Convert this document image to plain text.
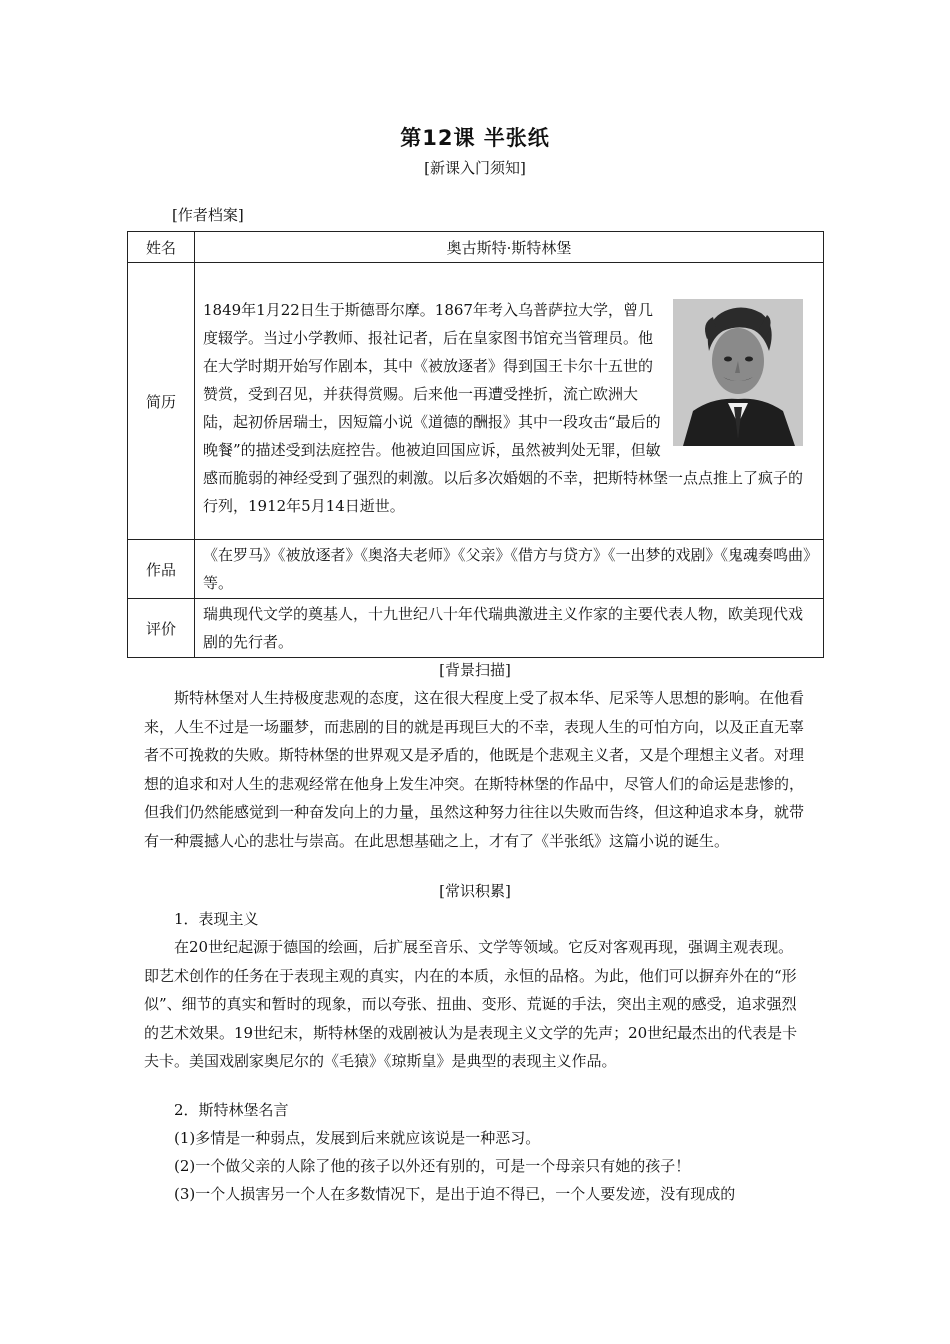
第12课 半张纸
[新课入门须知]
[作者档案]
姓名	奥古斯特·斯特林堡
简历	1849年1月22日生于斯德哥尔摩。1867年考入乌普萨拉大学，曾几度辍学。当过小学教师、报社记者，后在皇家图书馆充当管理员。他在大学时期开始写作剧本，其中《被放逐者》得到国王卡尔十五世的赞赏，受到召见，并获得赏赐。后来他一再遭受挫折，流亡欧洲大陆，起初侨居瑞士，因短篇小说《道德的酬报》其中一段攻击“最后的晚餐”的描述受到法庭控告。他被迫回国应诉，虽然被判处无罪，但敏感而脆弱的神经受到了强烈的刺激。以后多次婚姻的不幸，把斯特林堡一点点推上了疯子的行列，1912年5月14日逝世。

作品	《在罗马》《被放逐者》《奥洛夫老师》《父亲》《借方与贷方》《一出梦的戏剧》《鬼魂奏鸣曲》等。
评价	瑞典现代文学的奠基人，十九世纪八十年代瑞典激进主义作家的主要代表人物，欧美现代戏剧的先行者。
[背景扫描]
斯特林堡对人生持极度悲观的态度，这在很大程度上受了叔本华、尼采等人思想的影响。在他看来，人生不过是一场噩梦，而悲剧的目的就是再现巨大的不幸，表现人生的可怕方向，以及正直无辜者不可挽救的失败。斯特林堡的世界观又是矛盾的，他既是个悲观主义者，又是个理想主义者。对理想的追求和对人生的悲观经常在他身上发生冲突。在斯特林堡的作品中，尽管人们的命运是悲惨的，但我们仍然能感觉到一种奋发向上的力量，虽然这种努力往往以失败而告终，但这种追求本身，就带有一种震撼人心的悲壮与崇高。在此思想基础之上，才有了《半张纸》这篇小说的诞生。
[常识积累]
1．表现主义
在20世纪起源于德国的绘画，后扩展至音乐、文学等领域。它反对客观再现，强调主观表现。即艺术创作的任务在于表现主观的真实，内在的本质，永恒的品格。为此，他们可以摒弃外在的“形似”、细节的真实和暂时的现象，而以夸张、扭曲、变形、荒诞的手法，突出主观的感受，追求强烈的艺术效果。19世纪末，斯特林堡的戏剧被认为是表现主义文学的先声；20世纪最杰出的代表是卡夫卡。美国戏剧家奥尼尔的《毛猿》《琼斯皇》是典型的表现主义作品。
2．斯特林堡名言
(1)多情是一种弱点，发展到后来就应该说是一种恶习。
(2)一个做父亲的人除了他的孩子以外还有别的，可是一个母亲只有她的孩子！
(3)一个人损害另一个人在多数情况下，是出于迫不得已，一个人要发迹，没有现成的
